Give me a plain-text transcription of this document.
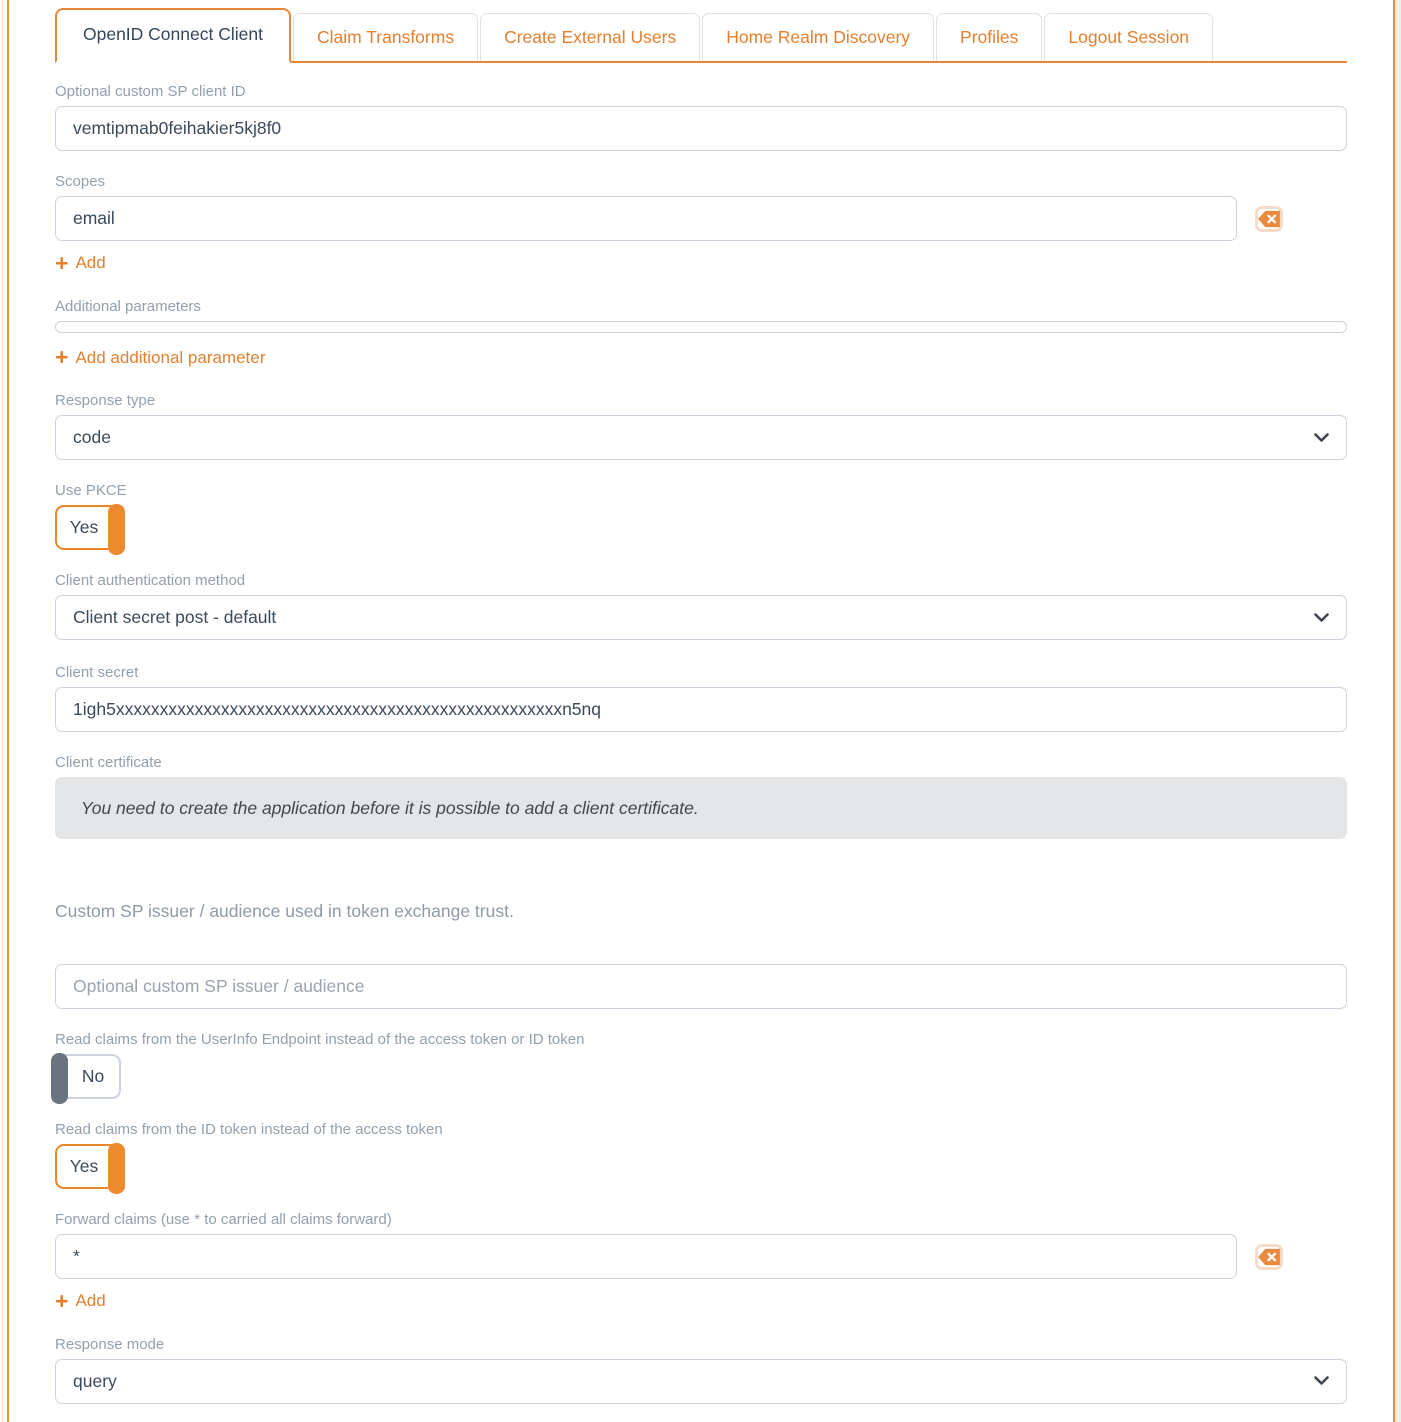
OpenID Connect Client	Claim Transforms	Create External Users	Home Realm Discovery	Profiles	Logout Session
Optional custom SP client ID
vemtipmab0feihakier5kj8f0
Scopes
email
+ Add
Additional parameters
+ Add additional parameter
Response type
code
Use PKCE
Yes
Client authentication method
Client secret post - default
Client secret
1igh5xxxxxxxxxxxxxxxxxxxxxxxxxxxxxxxxxxxxxxxxxxxxxxxxxxxn5nq
Client certificate
You need to create the application before it is possible to add a client certificate.
Custom SP issuer / audience used in token exchange trust.
Optional custom SP issuer / audience
Read claims from the UserInfo Endpoint instead of the access token or ID token
No
Read claims from the ID token instead of the access token
Yes
Forward claims (use * to carried all claims forward)
*
+ Add
Response mode
query
